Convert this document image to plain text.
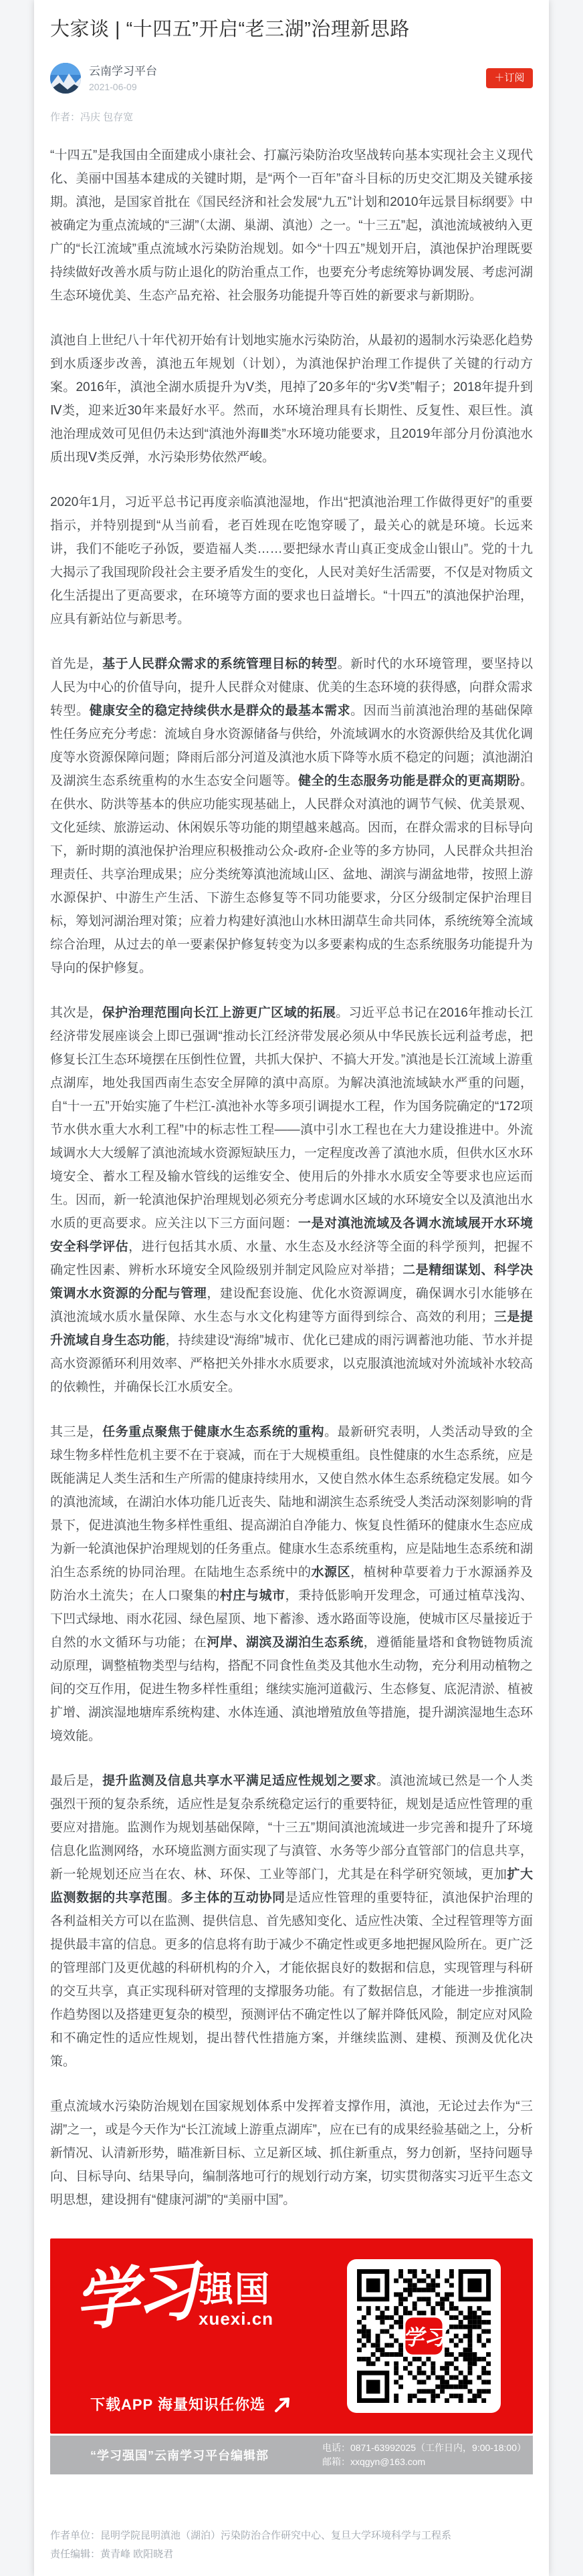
大家谈 | “十四五”开启“老三湖”治理新思路
云南学习平台
2021-06-09
＋订阅
作者：冯庆 包存宽

“十四五”是我国由全面建成小康社会、打赢污染防治攻坚战转向基本实现社会主义现代化、美丽中国基本建成的关键时期，是“两个一百年”奋斗目标的历史交汇期及关键承接期。滇池，是国家首批在《国民经济和社会发展“九五”计划和2010年远景目标纲要》中被确定为重点流域的“三湖”（太湖、巢湖、滇池）之一。“十三五”起，滇池流域被纳入更广的“长江流域”重点流域水污染防治规划。如今“十四五”规划开启，滇池保护治理既要持续做好改善水质与防止退化的防治重点工作，也要充分考虑统筹协调发展、考虑河湖生态环境优美、生态产品充裕、社会服务功能提升等百姓的新要求与新期盼。

滇池自上世纪八十年代初开始有计划地实施水污染防治，从最初的遏制水污染恶化趋势到水质逐步改善，滇池五年规划（计划），为滇池保护治理工作提供了关键的行动方案。2016年，滇池全湖水质提升为V类，甩掉了20多年的“劣Ⅴ类”帽子；2018年提升到Ⅳ类，迎来近30年来最好水平。然而，水环境治理具有长期性、反复性、艰巨性。滇池治理成效可见但仍未达到“滇池外海Ⅲ类”水环境功能要求，且2019年部分月份滇池水质出现Ⅴ类反弹，水污染形势依然严峻。

2020年1月，习近平总书记再度亲临滇池湿地，作出“把滇池治理工作做得更好”的重要指示，并特别提到“从当前看，老百姓现在吃饱穿暖了，最关心的就是环境。长远来讲，我们不能吃子孙饭，要造福人类……要把绿水青山真正变成金山银山”。党的十九大揭示了我国现阶段社会主要矛盾发生的变化，人民对美好生活需要，不仅是对物质文化生活提出了更高要求，在环境等方面的要求也日益增长。“十四五”的滇池保护治理，应具有新站位与新思考。

首先是，基于人民群众需求的系统管理目标的转型。新时代的水环境管理，要坚持以人民为中心的价值导向，提升人民群众对健康、优美的生态环境的获得感，向群众需求转型。健康安全的稳定持续供水是群众的最基本需求。因而当前滇池治理的基础保障性任务应充分考虑：流域自身水资源储备与供给，外流域调水的水资源供给及其优化调度等水资源保障问题；降雨后部分河道及滇池水质下降等水质不稳定的问题；滇池湖泊及湖滨生态系统重构的水生态安全问题等。健全的生态服务功能是群众的更高期盼。在供水、防洪等基本的供应功能实现基础上，人民群众对滇池的调节气候、优美景观、文化延续、旅游运动、休闲娱乐等功能的期望越来越高。因而，在群众需求的目标导向下，新时期的滇池保护治理应积极推动公众-政府-企业等的多方协同，人民群众共担治理责任、共享治理成果；应分类统筹滇池流域山区、盆地、湖滨与湖盆地带，按照上游水源保护、中游生产生活、下游生态修复等不同功能要求，分区分级制定保护治理目标，筹划河湖治理对策；应着力构建好滇池山水林田湖草生命共同体，系统统筹全流域综合治理，从过去的单一要素保护修复转变为以多要素构成的生态系统服务功能提升为导向的保护修复。

其次是，保护治理范围向长江上游更广区域的拓展。习近平总书记在2016年推动长江经济带发展座谈会上即已强调“推动长江经济带发展必须从中华民族长远利益考虑，把修复长江生态环境摆在压倒性位置，共抓大保护、不搞大开发。”滇池是长江流域上游重点湖库，地处我国西南生态安全屏障的滇中高原。为解决滇池流域缺水严重的问题，自“十一五”开始实施了牛栏江-滇池补水等多项引调提水工程，作为国务院确定的“172项节水供水重大水利工程”中的标志性工程——滇中引水工程也在大力建设推进中。外流域调水大大缓解了滇池流域水资源短缺压力，一定程度改善了滇池水质，但供水区水环境安全、蓄水工程及输水管线的运维安全、使用后的外排水水质安全等要求也应运而生。因而，新一轮滇池保护治理规划必须充分考虑调水区域的水环境安全以及滇池出水水质的更高要求。应关注以下三方面问题：一是对滇池流域及各调水流域展开水环境安全科学评估，进行包括其水质、水量、水生态及水经济等全面的科学预判，把握不确定性因素、辨析水环境安全风险级别并制定风险应对举措；二是精细谋划、科学决策调水水资源的分配与管理，建设配套设施、优化水资源调度，确保调水引水能够在滇池流域水质水量保障、水生态与水文化构建等方面得到综合、高效的利用；三是提升流域自身生态功能，持续建设“海绵”城市、优化已建成的雨污调蓄池功能、节水并提高水资源循环利用效率、严格把关外排水水质要求，以克服滇池流域对外流域补水较高的依赖性，并确保长江水质安全。

其三是，任务重点聚焦于健康水生态系统的重构。最新研究表明，人类活动导致的全球生物多样性危机主要不在于衰减，而在于大规模重组。良性健康的水生态系统，应是既能满足人类生活和生产所需的健康持续用水，又使自然水体生态系统稳定发展。如今的滇池流域，在湖泊水体功能几近丧失、陆地和湖滨生态系统受人类活动深刻影响的背景下，促进滇池生物多样性重组、提高湖泊自净能力、恢复良性循环的健康水生态应成为新一轮滇池保护治理规划的任务重点。健康水生态系统重构，应是陆地生态系统和湖泊生态系统的协同治理。在陆地生态系统中的水源区，植树种草要着力于水源涵养及防治水土流失；在人口聚集的村庄与城市，秉持低影响开发理念，可通过植草浅沟、下凹式绿地、雨水花园、绿色屋顶、地下蓄渗、透水路面等设施，使城市区尽量接近于自然的水文循环与功能；在河岸、湖滨及湖泊生态系统，遵循能量塔和食物链物质流动原理，调整植物类型与结构，搭配不同食性鱼类及其他水生动物，充分利用动植物之间的交互作用，促进生物多样性重组；继续实施河道截污、生态修复、底泥清淤、植被扩增、湖滨湿地塘库系统构建、水体连通、滇池增殖放鱼等措施，提升湖滨湿地生态环境效能。

最后是，提升监测及信息共享水平满足适应性规划之要求。滇池流域已然是一个人类强烈干预的复杂系统，适应性是复杂系统稳定运行的重要特征，规划是适应性管理的重要应对措施。监测作为规划基础保障，“十三五”期间滇池流域进一步完善和提升了环境信息化监测网络，水环境监测方面实现了与滇管、水务等少部分直管部门的信息共享，新一轮规划还应当在农、林、环保、工业等部门，尤其是在科学研究领域，更加扩大监测数据的共享范围。多主体的互动协同是适应性管理的重要特征，滇池保护治理的各利益相关方可以在监测、提供信息、首先感知变化、适应性决策、全过程管理等方面提供最丰富的信息。更多的信息将有助于减少不确定性或更多地把握风险所在。更广泛的管理部门及更优越的科研机构的介入，才能依据良好的数据和信息，实现管理与科研的交互共享，真正实现科研对管理的支撑服务功能。有了数据信息，才能进一步推演制作趋势图以及搭建更复杂的模型，预测评估不确定性以了解并降低风险，制定应对风险和不确定性的适应性规划，提出替代性措施方案，并继续监测、建模、预测及优化决策。

重点流域水污染防治规划在国家规划体系中发挥着支撑作用，滇池，无论过去作为“三湖”之一，或是今天作为“长江流域上游重点湖库”，应在已有的成果经验基础之上，分析新情况、认清新形势，瞄准新目标、立足新区域、抓住新重点，努力创新，坚持问题导向、目标导向、结果导向，编制落地可行的规划行动方案，切实贯彻落实习近平生态文明思想，建设拥有“健康河湖”的“美丽中国”。

学习 强国
xuexi.cn
下载APP 海量知识任你选
学习
“学习强国”云南学习平台编辑部
电话：0871-63992025（工作日内，9:00-18:00）
邮箱：xxqgyn@163.com
作者单位：昆明学院昆明滇池（湖泊）污染防治合作研究中心、复旦大学环境科学与工程系
责任编辑：黄青峰 欧阳晓君
